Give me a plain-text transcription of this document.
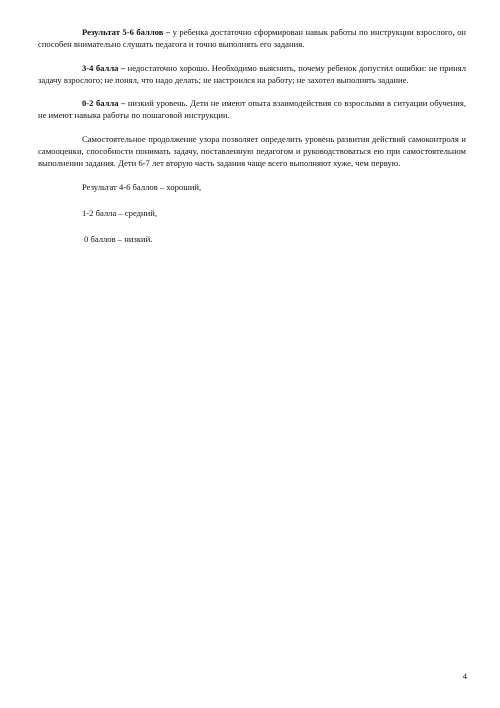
Результат 5-6 баллов – у ребенка достаточно сформирован навык работы по инструкции взрослого, он способен внимательно слушать педагога и точно выполнять его задания.

3-4 балла – недостаточно хорошо. Необходимо выяснить, почему ребенок допустил ошибки: не принял задачу взрослого; не понял, что надо делать; не настроился на работу; не захотел выполнять задание.

0-2 балла – низкий уровень. Дети не имеют опыта взаимодействия со взрослыми в ситуации обучения, не имеют навыка работы по пошаговой инструкции.

Самостоятельное продолжение узора позволяет определить уровень развития действий самоконтроля и самооценки, способности понимать задачу, поставленную педагогом и руководствоваться ею при самостоятельном выполнении задания. Дети 6-7 лет вторую часть задания чаще всего выполняют хуже, чем первую.

Результат 4-6 баллов – хороший,

1-2 балла – средний,

0 баллов – низкий.

4
